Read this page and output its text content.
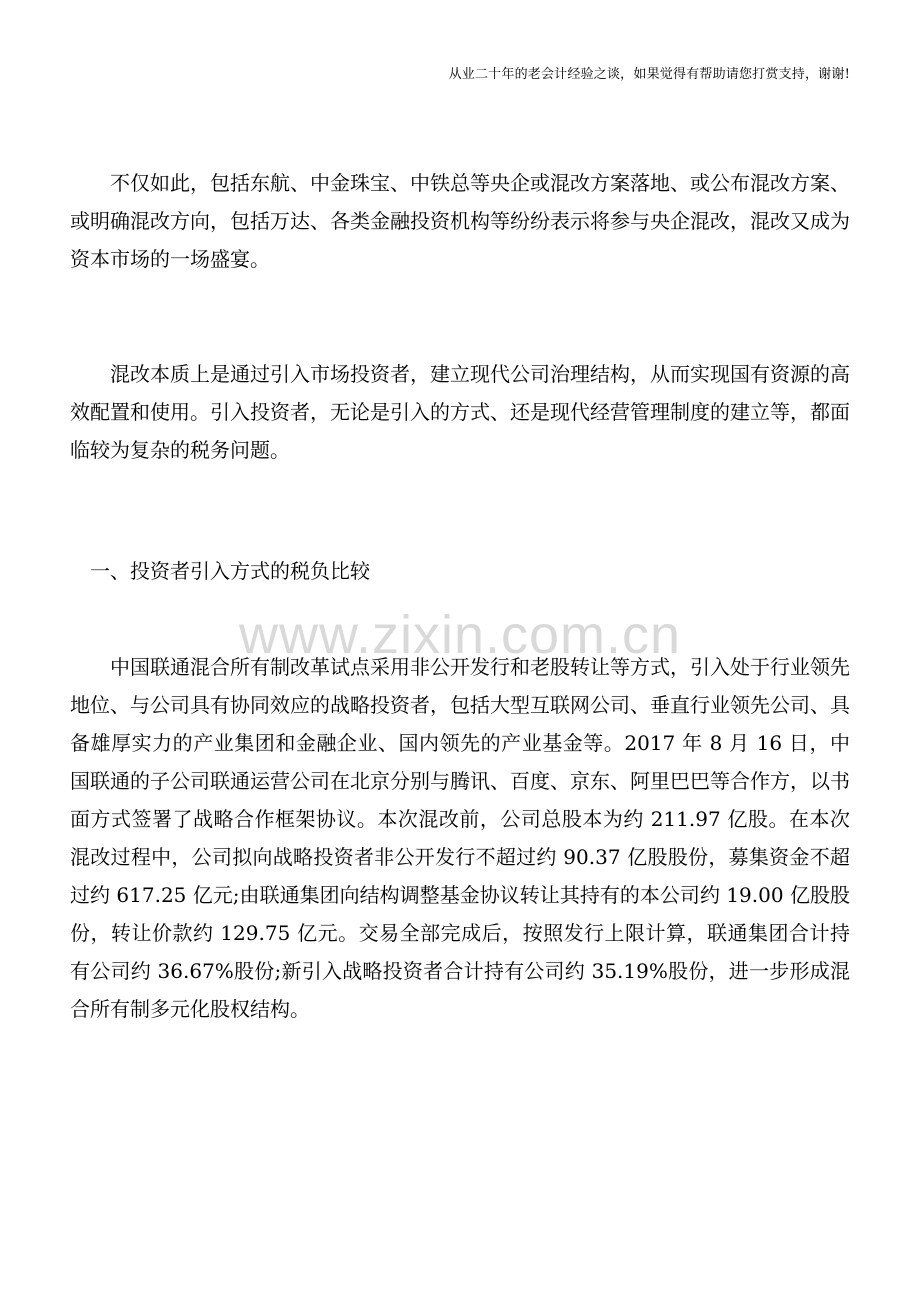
从业二十年的老会计经验之谈，如果觉得有帮助请您打赏支持，谢谢!

不仅如此，包括东航、中金珠宝、中铁总等央企或混改方案落地、或公布混改方案、或明确混改方向，包括万达、各类金融投资机构等纷纷表示将参与央企混改，混改又成为资本市场的一场盛宴。

混改本质上是通过引入市场投资者，建立现代公司治理结构，从而实现国有资源的高效配置和使用。引入投资者，无论是引入的方式、还是现代经营管理制度的建立等，都面临较为复杂的税务问题。

一、投资者引入方式的税负比较

www.zixin.com.cn

中国联通混合所有制改革试点采用非公开发行和老股转让等方式，引入处于行业领先地位、与公司具有协同效应的战略投资者，包括大型互联网公司、垂直行业领先公司、具备雄厚实力的产业集团和金融企业、国内领先的产业基金等。2017 年 8 月 16 日，中国联通的子公司联通运营公司在北京分别与腾讯、百度、京东、阿里巴巴等合作方，以书面方式签署了战略合作框架协议。本次混改前，公司总股本为约 211.97 亿股。在本次混改过程中，公司拟向战略投资者非公开发行不超过约 90.37 亿股股份，募集资金不超过约 617.25 亿元;由联通集团向结构调整基金协议转让其持有的本公司约 19.00 亿股股份，转让价款约 129.75 亿元。交易全部完成后，按照发行上限计算，联通集团合计持有公司约 36.67%股份;新引入战略投资者合计持有公司约 35.19%股份，进一步形成混合所有制多元化股权结构。
